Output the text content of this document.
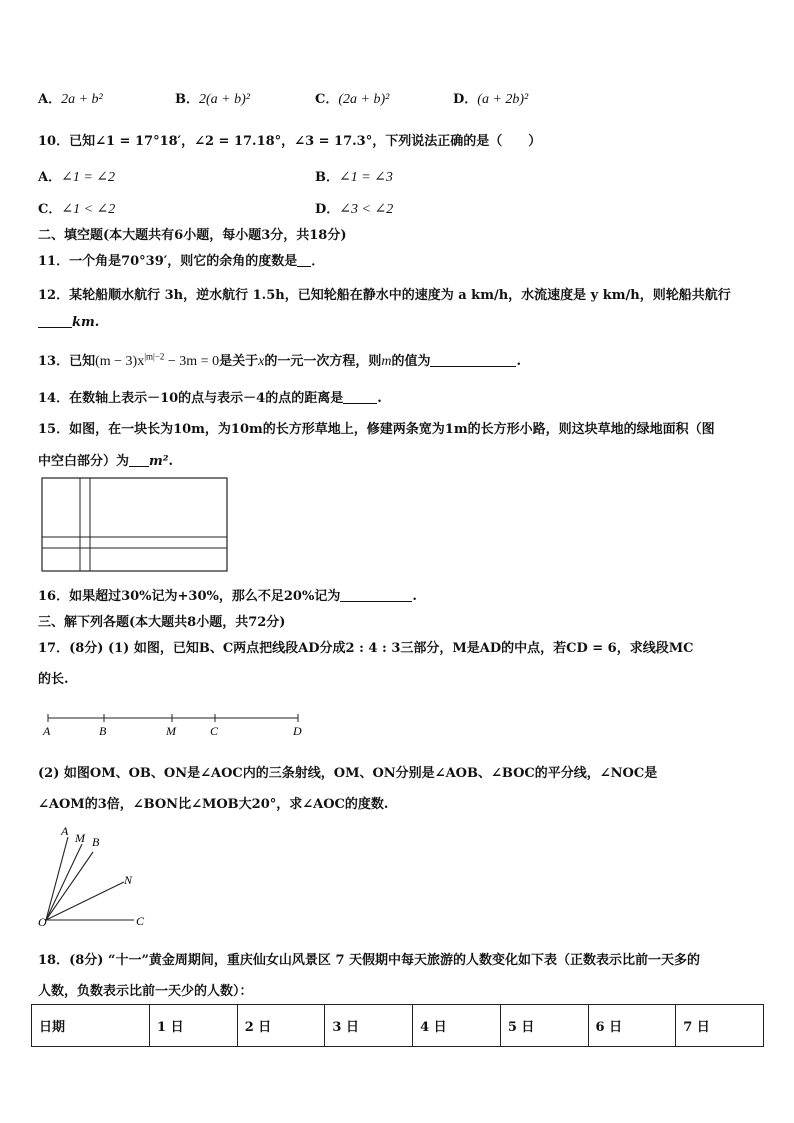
A．2a + b²	B．2(a + b)²	C．(2a + b)²	D．(a + 2b)²
10．已知∠1 = 17°18′，∠2 = 17.18°，∠3 = 17.3°，下列说法正确的是（　　）
A．∠1 = ∠2	B．∠1 = ∠3
C．∠1 < ∠2	D．∠3 < ∠2
二、填空题(本大题共有6小题，每小题3分，共18分)
11．一个角是70°39′，则它的余角的度数是 ．
12．某轮船顺水航行 3h，逆水航行 1.5h，已知轮船在静水中的速度为 a km/h，水流速度是 y km/h，则轮船共航行
km.
13．已知$(m - 3)x^{|m|-2} - 3m = 0$是关于x的一元一次方程，则m的值为	.
14．在数轴上表示－10的点与表示－4的点的距离是	.
15．如图，在一块长为10m，为10m的长方形草地上，修建两条宽为1m的长方形小路，则这块草地的绿地面积（图
中空白部分）为 m².
16．如果超过30%记为+30%，那么不足20%记为	.
三、解下列各题(本大题共8小题，共72分)
17．(8分) (1) 如图，已知B、C两点把线段AD分成2 : 4 : 3三部分，M是AD的中点，若CD = 6，求线段MC
的长.
A	B	M	C	D
(2) 如图OM、OB、ON是∠AOC内的三条射线，OM、ON分别是∠AOB、∠BOC的平分线，∠NOC是
∠AOM的3倍，∠BON比∠MOB大20°，求∠AOC的度数.
A M B
N
C
O
18．(8分) “十一”黄金周期间，重庆仙女山风景区 7 天假期中每天旅游的人数变化如下表（正数表示比前一天多的
人数，负数表示比前一天少的人数）：
日期	1 日	2 日	3 日	4 日	5 日	6 日	7 日
